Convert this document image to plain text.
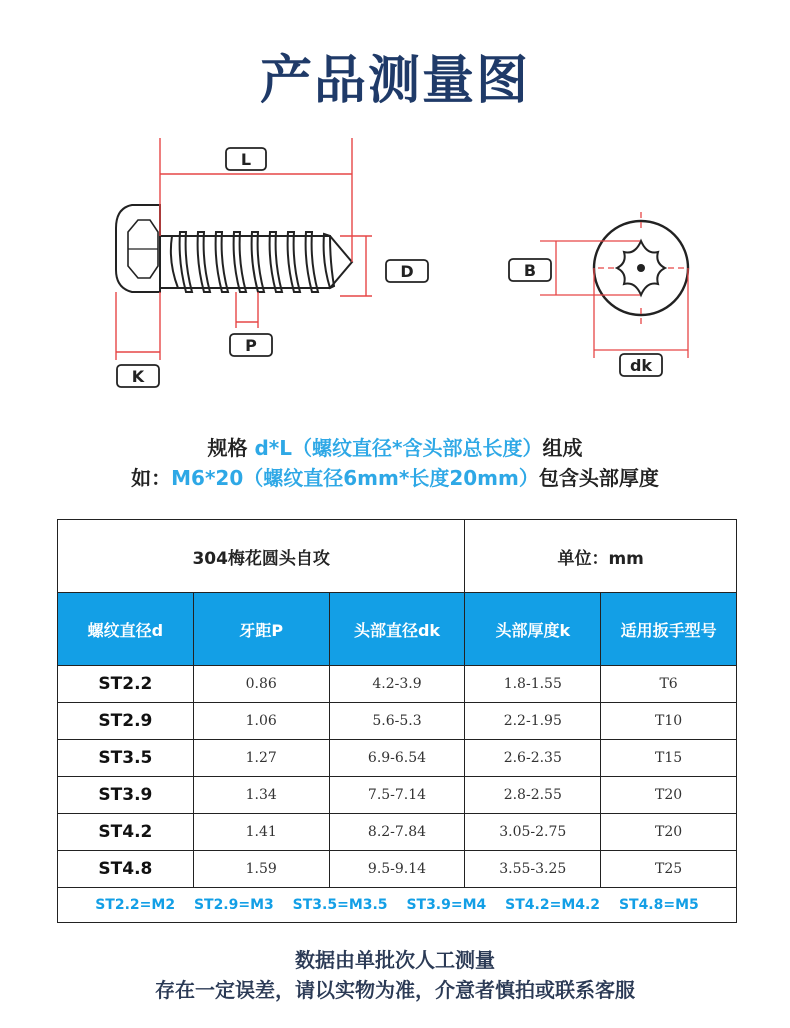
产品测量图
L
D
P
K
B
dk
规格 d*L（螺纹直径*含头部总长度）组成
如：M6*20（螺纹直径6mm*长度20mm）包含头部厚度
304梅花圆头自攻			单位：mm	
螺纹直径d	牙距P	头部直径dk	头部厚度k	适用扳手型号
ST2.2	0.86	4.2-3.9	1.8-1.55	T6
ST2.9	1.06	5.6-5.3	2.2-1.95	T10
ST3.5	1.27	6.9-6.54	2.6-2.35	T15
ST3.9	1.34	7.5-7.14	2.8-2.55	T20
ST4.2	1.41	8.2-7.84	3.05-2.75	T20
ST4.8	1.59	9.5-9.14	3.55-3.25	T25
ST2.2=M2 ST2.9=M3 ST3.5=M3.5 ST3.9=M4 ST4.2=M4.2 ST4.8=M5				
数据由单批次人工测量
存在一定误差，请以实物为准，介意者慎拍或联系客服
